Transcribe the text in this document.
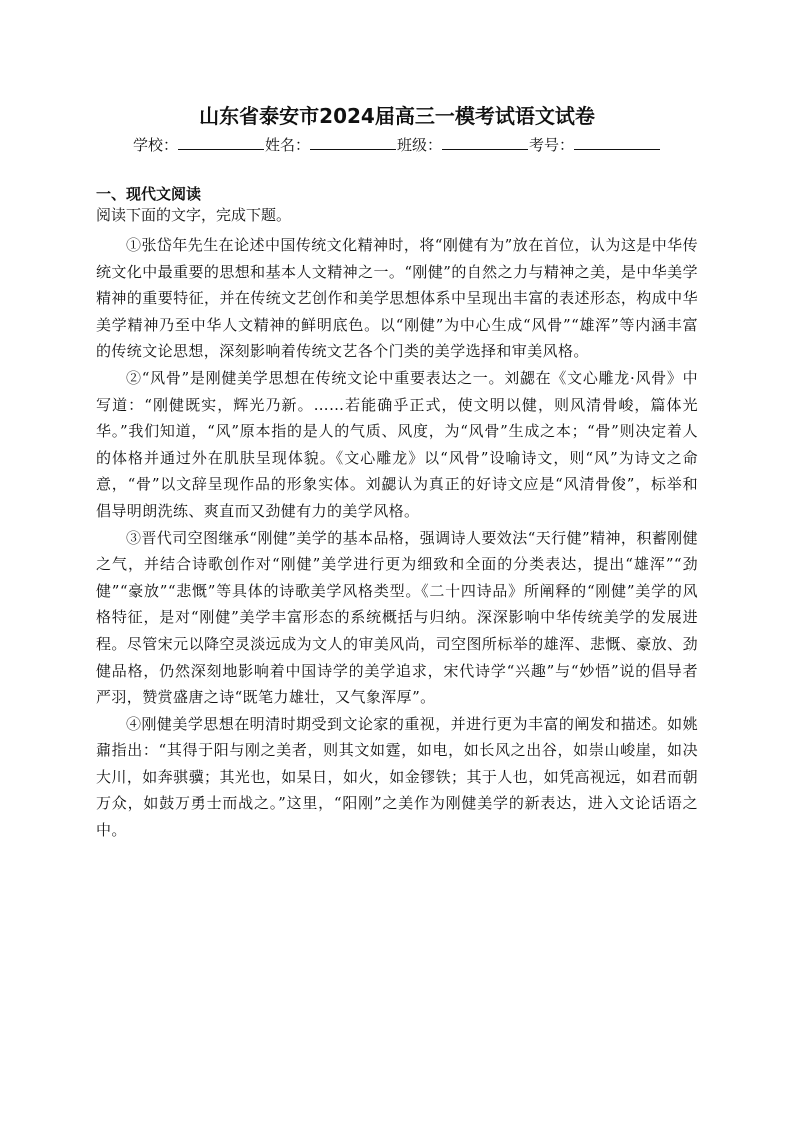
山东省泰安市2024届高三一模考试语文试卷
学校：	姓名：	班级：	考号：
一、现代文阅读
阅读下面的文字，完成下题。

①张岱年先生在论述中国传统文化精神时，将“刚健有为”放在首位，认为这是中华传统文化中最重要的思想和基本人文精神之一。“刚健”的自然之力与精神之美，是中华美学精神的重要特征，并在传统文艺创作和美学思想体系中呈现出丰富的表述形态，构成中华美学精神乃至中华人文精神的鲜明底色。以“刚健”为中心生成“风骨”“雄浑”等内涵丰富的传统文论思想，深刻影响着传统文艺各个门类的美学选择和审美风格。

②“风骨”是刚健美学思想在传统文论中重要表达之一。刘勰在《文心雕龙·风骨》中写道：“刚健既实，辉光乃新。……若能确乎正式，使文明以健，则风清骨峻，篇体光华。”我们知道，“风”原本指的是人的气质、风度，为“风骨”生成之本；“骨”则决定着人的体格并通过外在肌肤呈现体貌。《文心雕龙》以“风骨”设喻诗文，则“风”为诗文之命意，“骨”以文辞呈现作品的形象实体。刘勰认为真正的好诗文应是“风清骨俊”，标举和倡导明朗洗练、爽直而又劲健有力的美学风格。

③晋代司空图继承“刚健”美学的基本品格，强调诗人要效法“天行健”精神，积蓄刚健之气，并结合诗歌创作对“刚健”美学进行更为细致和全面的分类表达，提出“雄浑”“劲健”“豪放”“悲慨”等具体的诗歌美学风格类型。《二十四诗品》所阐释的“刚健”美学的风格特征，是对“刚健”美学丰富形态的系统概括与归纳。深深影响中华传统美学的发展进程。尽管宋元以降空灵淡远成为文人的审美风尚，司空图所标举的雄浑、悲慨、豪放、劲健品格，仍然深刻地影响着中国诗学的美学追求，宋代诗学“兴趣”与“妙悟”说的倡导者严羽，赞赏盛唐之诗“既笔力雄壮，又气象浑厚”。

④刚健美学思想在明清时期受到文论家的重视，并进行更为丰富的阐发和描述。如姚鼐指出：“其得于阳与刚之美者，则其文如霆，如电，如长风之出谷，如崇山峻崖，如决大川，如奔骐骥；其光也，如杲日，如火，如金镠铁；其于人也，如凭高视远，如君而朝万众，如鼓万勇士而战之。”这里，“阳刚”之美作为刚健美学的新表达，进入文论话语之中。
